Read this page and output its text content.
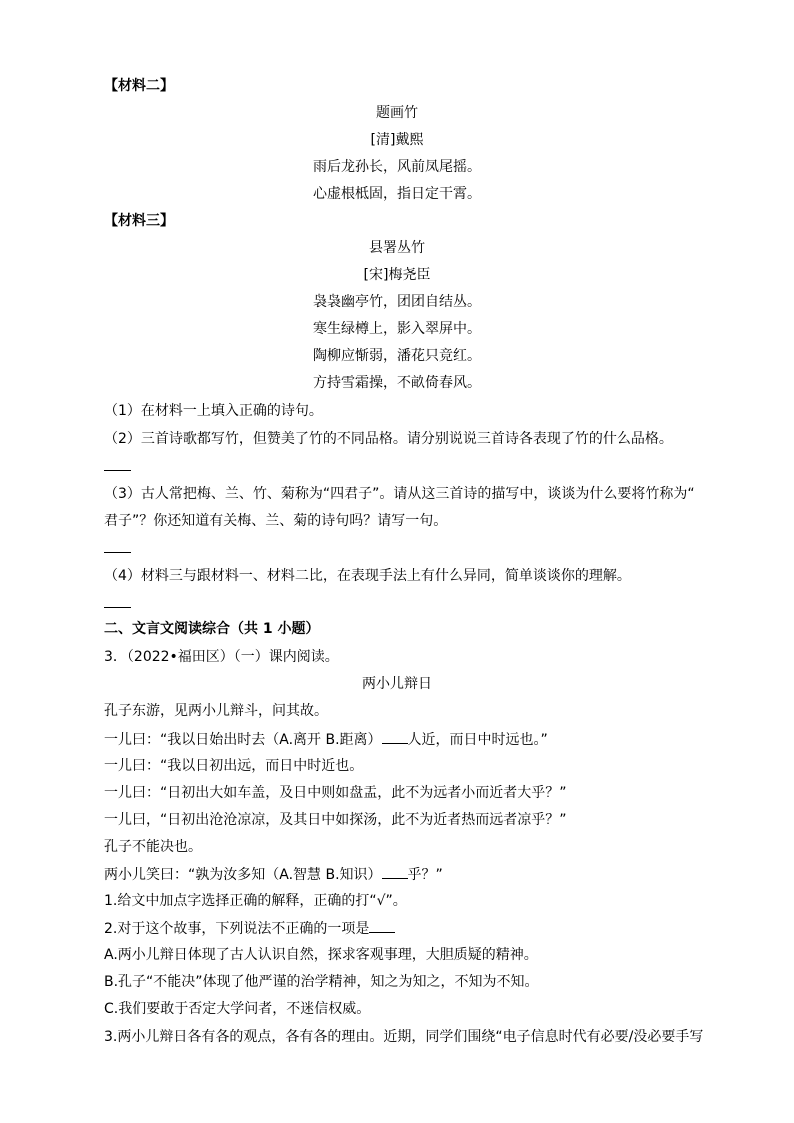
【材料二】
题画竹
[清]戴熙
雨后龙孙长，风前凤尾摇。
心虚根柢固，指日定干霄。
【材料三】
县署丛竹
[宋]梅尧臣
袅袅幽亭竹，团团自结丛。
寒生绿樽上，影入翠屏中。
陶柳应惭弱，潘花只竞红。
方持雪霜操，不畝倚春风。
（1）在材料一上填入正确的诗句。
（2）三首诗歌都写竹，但赞美了竹的不同品格。请分别说说三首诗各表现了竹的什么品格。
（3）古人常把梅、兰、竹、菊称为“四君子”。请从这三首诗的描写中，谈谈为什么要将竹称为“
君子”？你还知道有关梅、兰、菊的诗句吗？请写一句。
（4）材料三与跟材料一、材料二比，在表现手法上有什么异同，简单谈谈你的理解。
二、文言文阅读综合（共 1 小题）
3．（2022•福田区）（一）课内阅读。
两小儿辩日
孔子东游，见两小儿辩斗，问其故。
一儿曰：“我以日始出时去（A.离开 B.距离） 人近，而日中时远也。”
一儿曰：“我以日初出远，而日中时近也。
一儿曰：“日初出大如车盖，及日中则如盘盂，此不为远者小而近者大乎？”
一儿曰，“日初出沧沧凉凉，及其日中如探汤，此不为近者热而远者凉乎？”
孔子不能决也。
两小儿笑曰：“孰为汝多知（A.智慧 B.知识） 乎？”
1.给文中加点字选择正确的解释，正确的打“√”。
2.对于这个故事，下列说法不正确的一项是
A.两小儿辩日体现了古人认识自然，探求客观事理，大胆质疑的精神。
B.孔子“不能决”体现了他严谨的治学精神，知之为知之，不知为不知。
C.我们要敢于否定大学问者，不迷信权威。
3.两小儿辩日各有各的观点，各有各的理由。近期，同学们围绕“电子信息时代有必要/没必要手写
